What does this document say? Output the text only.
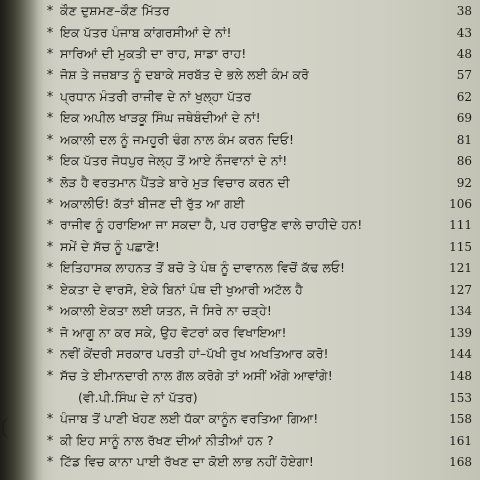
* ਕੌਣ ਦੁਸ਼ਮਣ–ਕੌਣ ਮਿੱਤਰ	38
* ਇਕ ਪੱਤਰ ਪੰਜਾਬ ਕਾਂਗਰਸੀਆਂ ਦੇ ਨਾਂ!	43
* ਸਾਰਿਆਂ ਦੀ ਮੁਕਤੀ ਦਾ ਰਾਹ, ਸਾਡਾ ਰਾਹ!	48
* ਜੋਸ਼ ਤੇ ਜਜ਼ਬਾਤ ਨੂੰ ਦਬਾਕੇ ਸਰਬੱਤ ਦੇ ਭਲੇ ਲਈ ਕੰਮ ਕਰੋ	57
* ਪ੍ਰਧਾਨ ਮੰਤਰੀ ਰਾਜੀਵ ਦੇ ਨਾਂ ਖੁਲ੍ਹਾ ਪੱਤਰ	62
* ਇਕ ਅਪੀਲ ਖਾੜਕੂ ਸਿੰਘ ਜਥੇਬੰਦੀਆਂ ਦੇ ਨਾਂ!	69
* ਅਕਾਲੀ ਦਲ ਨੂੰ ਜਮਹੂਰੀ ਢੰਗ ਨਾਲ ਕੰਮ ਕਰਨ ਦਿਓ!	81
* ਇਕ ਪੱਤਰ ਜੋਧਪੁਰ ਜੇਲ੍ਹ ਤੋਂ ਆਏ ਨੌਜਵਾਨਾਂ ਦੇ ਨਾਂ!	86
* ਲੋੜ ਹੈ ਵਰਤਮਾਨ ਪੈਂਤੜੇ ਬਾਰੇ ਮੁੜ ਵਿਚਾਰ ਕਰਨ ਦੀ	92
* ਅਕਾਲੀਓ! ਕੱਤਾਂ ਬੀਜਣ ਦੀ ਰੁੱਤ ਆ ਗਈ	106
* ਰਾਜੀਵ ਨੂੰ ਹਰਾਇਆ ਜਾ ਸਕਦਾ ਹੈ, ਪਰ ਹਰਾਉਣ ਵਾਲੇ ਚਾਹੀਦੇ ਹਨ!	111
* ਸਮੇਂ ਦੇ ਸੱਚ ਨੂੰ ਪਛਾਣੋ!	115
* ਇਤਿਹਾਸਕ ਲਾਹਨਤ ਤੋਂ ਬਚੋ ਤੇ ਪੰਥ ਨੂੰ ਦਾਵਾਨਲ ਵਿਚੋਂ ਕੱਢ ਲਓ!	121
* ਏਕਤਾ ਦੇ ਵਾਰਸੋ, ਏਕੇ ਬਿਨਾਂ ਪੰਥ ਦੀ ਖੁਆਰੀ ਅਟੱਲ ਹੈ	127
* ਅਕਾਲੀ ਏਕਤਾ ਲਈ ਯਤਨ, ਜੋ ਸਿਰੇ ਨਾ ਚੜ੍ਹੇ!	134
* ਜੋ ਆਗੂ ਨਾ ਕਰ ਸਕੇ, ਉਹ ਵੋਟਰਾਂ ਕਰ ਵਿਖਾਇਆ!	139
* ਨਵੀਂ ਕੇਂਦਰੀ ਸਰਕਾਰ ਪਰਤੀ ਹਾਂ–ਪੱਖੀ ਰੁਖ ਅਖਤਿਆਰ ਕਰੋ!	144
* ਸੱਚ ਤੇ ਈਮਾਨਦਾਰੀ ਨਾਲ ਗੱਲ ਕਰੋਗੇ ਤਾਂ ਅਸੀਂ ਅੱਗੇ ਆਵਾਂਗੇ!	148
(ਵੀ.ਪੀ.ਸਿੰਘ ਦੇ ਨਾਂ ਪੱਤਰ)	153
* ਪੰਜਾਬ ਤੋਂ ਪਾਣੀ ਖੋਹਣ ਲਈ ਧੱਕਾ ਕਾਨੂੰਨ ਵਰਤਿਆ ਗਿਆ!	158
* ਕੀ ਇਹ ਸਾਨੂੰ ਨਾਲ ਰੱਖਣ ਦੀਆਂ ਨੀਤੀਆਂ ਹਨ ?	161
* ਟਿੱਡ ਵਿਚ ਕਾਨਾ ਪਾਈ ਰੱਖਣ ਦਾ ਕੋਈ ਲਾਭ ਨਹੀਂ ਹੋਏਗਾ!	168
